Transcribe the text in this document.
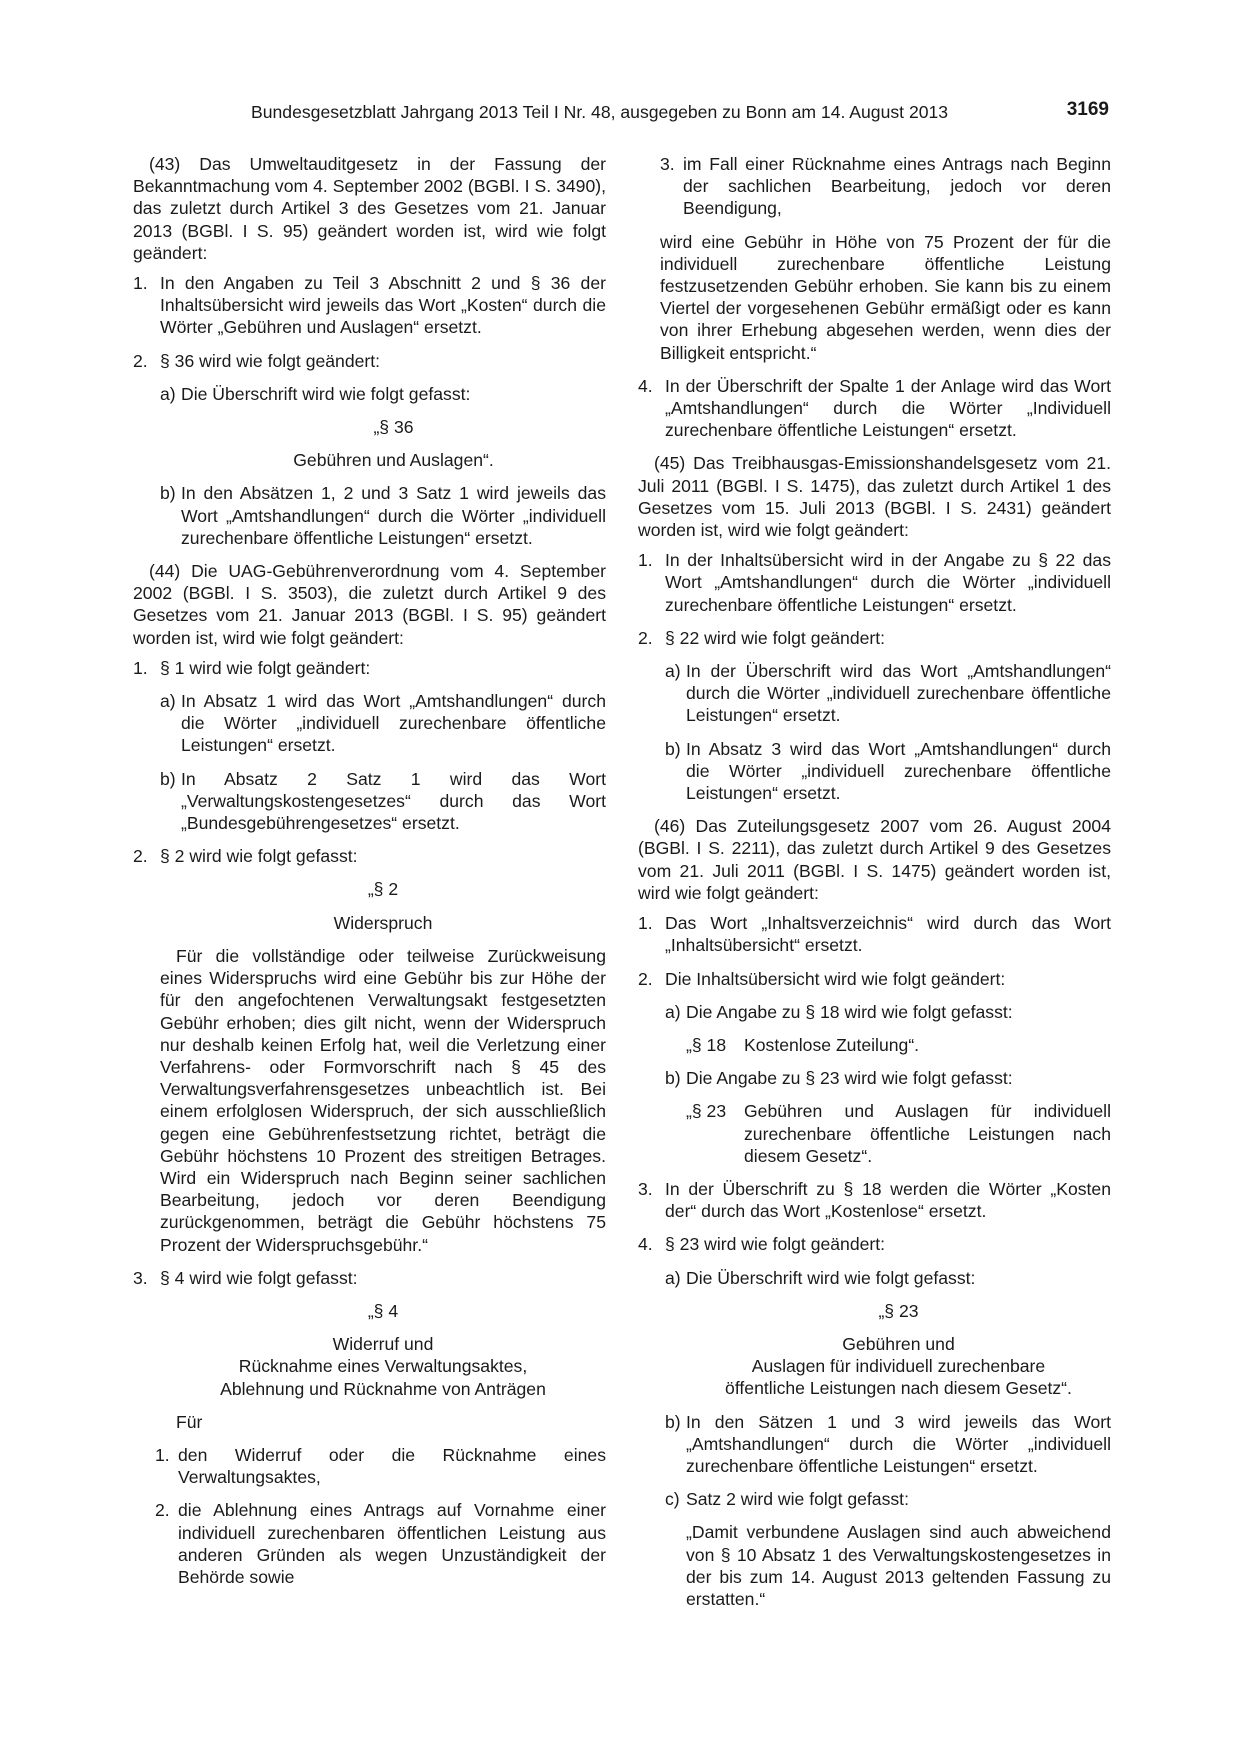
Bundesgesetzblatt Jahrgang 2013 Teil I Nr. 48, ausgegeben zu Bonn am 14. August 2013	3169

(43) Das Umweltauditgesetz in der Fassung der Bekanntmachung vom 4. September 2002 (BGBl. I S. 3490), das zuletzt durch Artikel 3 des Gesetzes vom 21. Januar 2013 (BGBl. I S. 95) geändert worden ist, wird wie folgt geändert:

1. In den Angaben zu Teil 3 Abschnitt 2 und § 36 der Inhaltsübersicht wird jeweils das Wort „Kosten“ durch die Wörter „Gebühren und Auslagen“ ersetzt.
2. § 36 wird wie folgt geändert:
a) Die Überschrift wird wie folgt gefasst:

„§ 36

Gebühren und Auslagen“.

b) In den Absätzen 1, 2 und 3 Satz 1 wird jeweils das Wort „Amtshandlungen“ durch die Wörter „individuell zurechenbare öffentliche Leistungen“ ersetzt.

(44) Die UAG-Gebührenverordnung vom 4. September 2002 (BGBl. I S. 3503), die zuletzt durch Artikel 9 des Gesetzes vom 21. Januar 2013 (BGBl. I S. 95) geändert worden ist, wird wie folgt geändert:

1. § 1 wird wie folgt geändert:
a) In Absatz 1 wird das Wort „Amtshandlungen“ durch die Wörter „individuell zurechenbare öffentliche Leistungen“ ersetzt.
b) In Absatz 2 Satz 1 wird das Wort „Verwaltungskostengesetzes“ durch das Wort „Bundesgebührengesetzes“ ersetzt.
2. § 2 wird wie folgt gefasst:

„§ 2

Widerspruch

Für die vollständige oder teilweise Zurückweisung eines Widerspruchs wird eine Gebühr bis zur Höhe der für den angefochtenen Verwaltungsakt festgesetzten Gebühr erhoben; dies gilt nicht, wenn der Widerspruch nur deshalb keinen Erfolg hat, weil die Verletzung einer Verfahrens- oder Formvorschrift nach § 45 des Verwaltungsverfahrensgesetzes unbeachtlich ist. Bei einem erfolglosen Widerspruch, der sich ausschließlich gegen eine Gebührenfestsetzung richtet, beträgt die Gebühr höchstens 10 Prozent des streitigen Betrages. Wird ein Widerspruch nach Beginn seiner sachlichen Bearbeitung, jedoch vor deren Beendigung zurückgenommen, beträgt die Gebühr höchstens 75 Prozent der Widerspruchsgebühr.“

3. § 4 wird wie folgt gefasst:

„§ 4

Widerruf und

Rücknahme eines Verwaltungsaktes,

Ablehnung und Rücknahme von Anträgen

Für

1. den Widerruf oder die Rücknahme eines Verwaltungsaktes,
2. die Ablehnung eines Antrags auf Vornahme einer individuell zurechenbaren öffentlichen Leistung aus anderen Gründen als wegen Unzuständigkeit der Behörde sowie
3. im Fall einer Rücknahme eines Antrags nach Beginn der sachlichen Bearbeitung, jedoch vor deren Beendigung,

wird eine Gebühr in Höhe von 75 Prozent der für die individuell zurechenbare öffentliche Leistung festzusetzenden Gebühr erhoben. Sie kann bis zu einem Viertel der vorgesehenen Gebühr ermäßigt oder es kann von ihrer Erhebung abgesehen werden, wenn dies der Billigkeit entspricht.“

4. In der Überschrift der Spalte 1 der Anlage wird das Wort „Amtshandlungen“ durch die Wörter „Individuell zurechenbare öffentliche Leistungen“ ersetzt.

(45) Das Treibhausgas-Emissionshandelsgesetz vom 21. Juli 2011 (BGBl. I S. 1475), das zuletzt durch Artikel 1 des Gesetzes vom 15. Juli 2013 (BGBl. I S. 2431) geändert worden ist, wird wie folgt geändert:

1. In der Inhaltsübersicht wird in der Angabe zu § 22 das Wort „Amtshandlungen“ durch die Wörter „individuell zurechenbare öffentliche Leistungen“ ersetzt.
2. § 22 wird wie folgt geändert:
a) In der Überschrift wird das Wort „Amtshandlungen“ durch die Wörter „individuell zurechenbare öffentliche Leistungen“ ersetzt.
b) In Absatz 3 wird das Wort „Amtshandlungen“ durch die Wörter „individuell zurechenbare öffentliche Leistungen“ ersetzt.

(46) Das Zuteilungsgesetz 2007 vom 26. August 2004 (BGBl. I S. 2211), das zuletzt durch Artikel 9 des Gesetzes vom 21. Juli 2011 (BGBl. I S. 1475) geändert worden ist, wird wie folgt geändert:

1. Das Wort „Inhaltsverzeichnis“ wird durch das Wort „Inhaltsübersicht“ ersetzt.
2. Die Inhaltsübersicht wird wie folgt geändert:
a) Die Angabe zu § 18 wird wie folgt gefasst:
„§ 18	Kostenlose Zuteilung“.
b) Die Angabe zu § 23 wird wie folgt gefasst:
„§ 23	Gebühren und Auslagen für individuell zurechenbare öffentliche Leistungen nach diesem Gesetz“.
3. In der Überschrift zu § 18 werden die Wörter „Kosten der“ durch das Wort „Kostenlose“ ersetzt.
4. § 23 wird wie folgt geändert:
a) Die Überschrift wird wie folgt gefasst:

„§ 23

Gebühren und

Auslagen für individuell zurechenbare

öffentliche Leistungen nach diesem Gesetz“.

b) In den Sätzen 1 und 3 wird jeweils das Wort „Amtshandlungen“ durch die Wörter „individuell zurechenbare öffentliche Leistungen“ ersetzt.
c) Satz 2 wird wie folgt gefasst:

„Damit verbundene Auslagen sind auch abweichend von § 10 Absatz 1 des Verwaltungskostengesetzes in der bis zum 14. August 2013 geltenden Fassung zu erstatten.“
